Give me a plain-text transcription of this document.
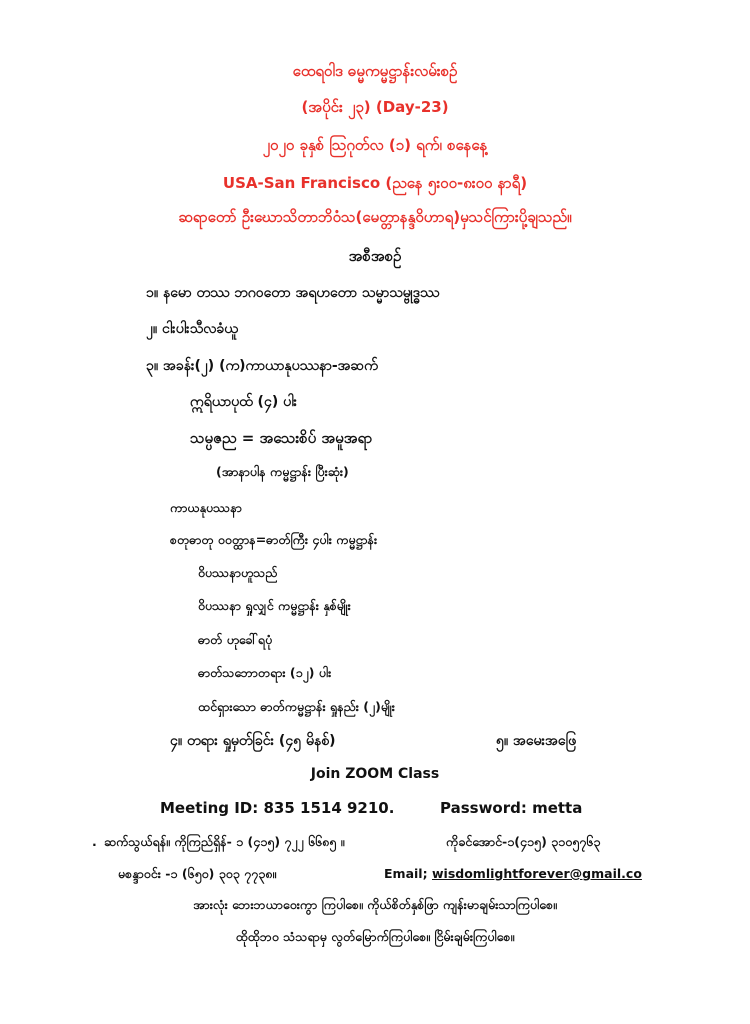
ထေရဝါဒ ဓမ္မကမ္မဋ္ဌာန်းလမ်းစဉ်
(အပိုင်း ၂၃) (Day-23)
၂၀၂၀ ခုနှစ် ဩဂုတ်လ (၁) ရက်၊ စနေနေ့
USA-San Francisco (ညနေ ၅း၀၀-၈း၀၀ နာရီ)
ဆရာတော် ဦးဃောသိတာဘိဝံသ(မေတ္တာနန္ဒဝိဟာရ)မှသင်ကြားပို့ချသည်။
အစီအစဉ်
၁။ နမော တဿ ဘဂဝတော အရဟတော သမ္မာသမ္ဗုဒ္ဓဿ
၂။ ငါးပါးသီလခံယူ
၃။ အခန်း(၂) (က)ကာယာနုပဿနာ-အဆက်
ဣရိယာပုထ် (၄) ပါး
သမ္ပဇည = အသေးစိပ် အမူအရာ
(အာနာပါန ကမ္မဋ္ဌာန်း ပြီးဆုံး)
ကာယနုပဿနာ
စတုဓာတု ဝဝတ္ထာန=ဓာတ်ကြီး ၄ပါး ကမ္မဋ္ဌာန်း
ဝိပဿနာဟူသည်
ဝိပဿနာ ရှုလျှင် ကမ္မဋ္ဌာန်း နှစ်မျိုး
ဓာတ် ဟုခေါ်ရပုံ
ဓာတ်သဘောတရား (၁၂) ပါး
ထင်ရှားသော ဓာတ်ကမ္မဋ္ဌာန်း ရှုနည်း (၂)မျိုး
၄။ တရား ရှုမှတ်ခြင်း (၄၅ မိနစ်)	၅။ အမေးအဖြေ
Join ZOOM Class
Meeting ID: 835 1514 9210.	Password: metta
. ဆက်သွယ်ရန်။ ကိုကြည်ရှိန်- ၁ (၄၁၅) ၇၂၂ ၆၆၈၅ ။	ကိုခင်အောင်-၁(၄၁၅) ၃၁၀၅၇၆၃
မစန္ဒာဝင်း -၁ (၆၅၀) ၃၀၃ ၇၇၃၈။	Email; wisdomlightforever@gmail.co
အားလုံး ဘေးဘယာဝေးကွာ ကြပါစေ။ ကိုယ်စိတ်နှစ်ဖြာ ကျန်းမာချမ်းသာကြပါစေ။
ထိုထိုဘဝ သံသရာမှ လွတ်မြောက်ကြပါစေ။ ငြိမ်းချမ်းကြပါစေ။
